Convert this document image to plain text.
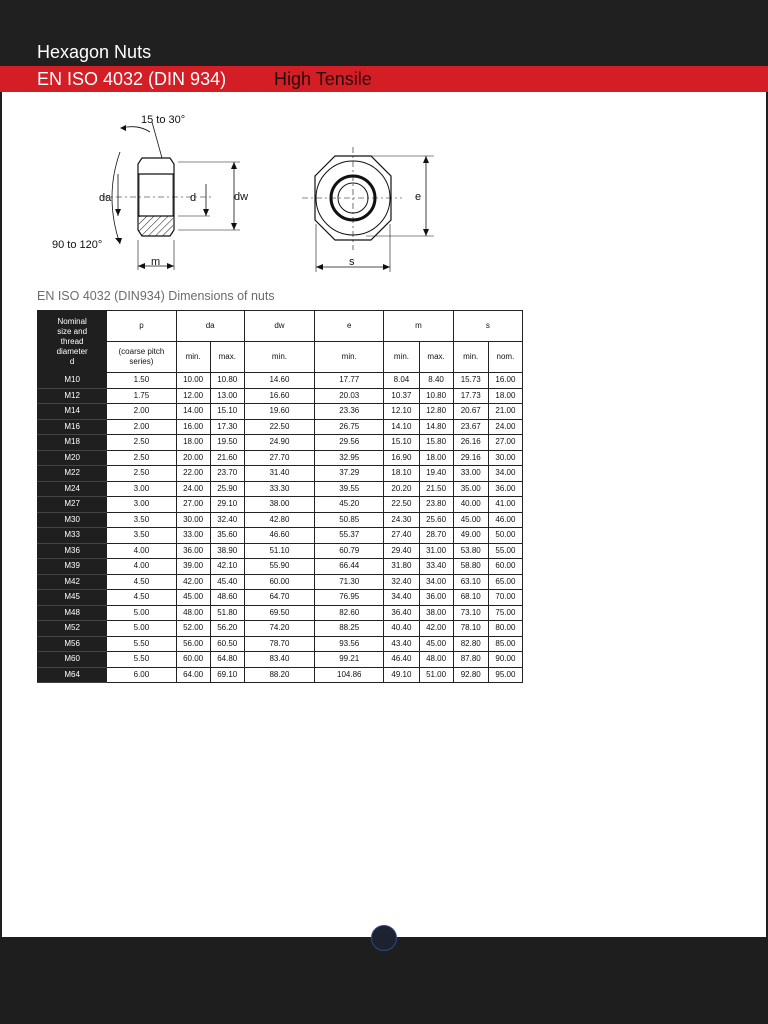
Hexagon Nuts
EN ISO 4032 (DIN 934)	High Tensile
15 to 30°
90 to 120°
da	d	dw
m
e
s
EN ISO 4032 (DIN934) Dimensions of nuts
Nominal
size and
thread
diameter
d	p	da		dw	e	m		s	
	(coarse pitch
series)	min.	max.	min.	min.	min.	max.	min.	nom.
M10	1.50	10.00	10.80	14.60	17.77	8.04	8.40	15.73	16.00
M12	1.75	12.00	13.00	16.60	20.03	10.37	10.80	17.73	18.00
M14	2.00	14.00	15.10	19.60	23.36	12.10	12.80	20.67	21.00
M16	2.00	16.00	17.30	22.50	26.75	14.10	14.80	23.67	24.00
M18	2.50	18.00	19.50	24.90	29.56	15.10	15.80	26.16	27.00
M20	2.50	20.00	21.60	27.70	32.95	16.90	18.00	29.16	30.00
M22	2.50	22.00	23.70	31.40	37.29	18.10	19.40	33.00	34.00
M24	3.00	24.00	25.90	33.30	39.55	20.20	21.50	35.00	36.00
M27	3.00	27.00	29.10	38.00	45.20	22.50	23.80	40.00	41.00
M30	3.50	30.00	32.40	42.80	50.85	24.30	25.60	45.00	46.00
M33	3.50	33.00	35.60	46.60	55.37	27.40	28.70	49.00	50.00
M36	4.00	36.00	38.90	51.10	60.79	29.40	31.00	53.80	55.00
M39	4.00	39.00	42.10	55.90	66.44	31.80	33.40	58.80	60.00
M42	4.50	42.00	45.40	60.00	71.30	32.40	34.00	63.10	65.00
M45	4.50	45.00	48.60	64.70	76.95	34.40	36.00	68.10	70.00
M48	5.00	48.00	51.80	69.50	82.60	36.40	38.00	73.10	75.00
M52	5.00	52.00	56.20	74.20	88.25	40.40	42.00	78.10	80.00
M56	5.50	56.00	60.50	78.70	93.56	43.40	45.00	82.80	85.00
M60	5.50	60.00	64.80	83.40	99.21	46.40	48.00	87.80	90.00
M64	6.00	64.00	69.10	88.20	104.86	49.10	51.00	92.80	95.00
